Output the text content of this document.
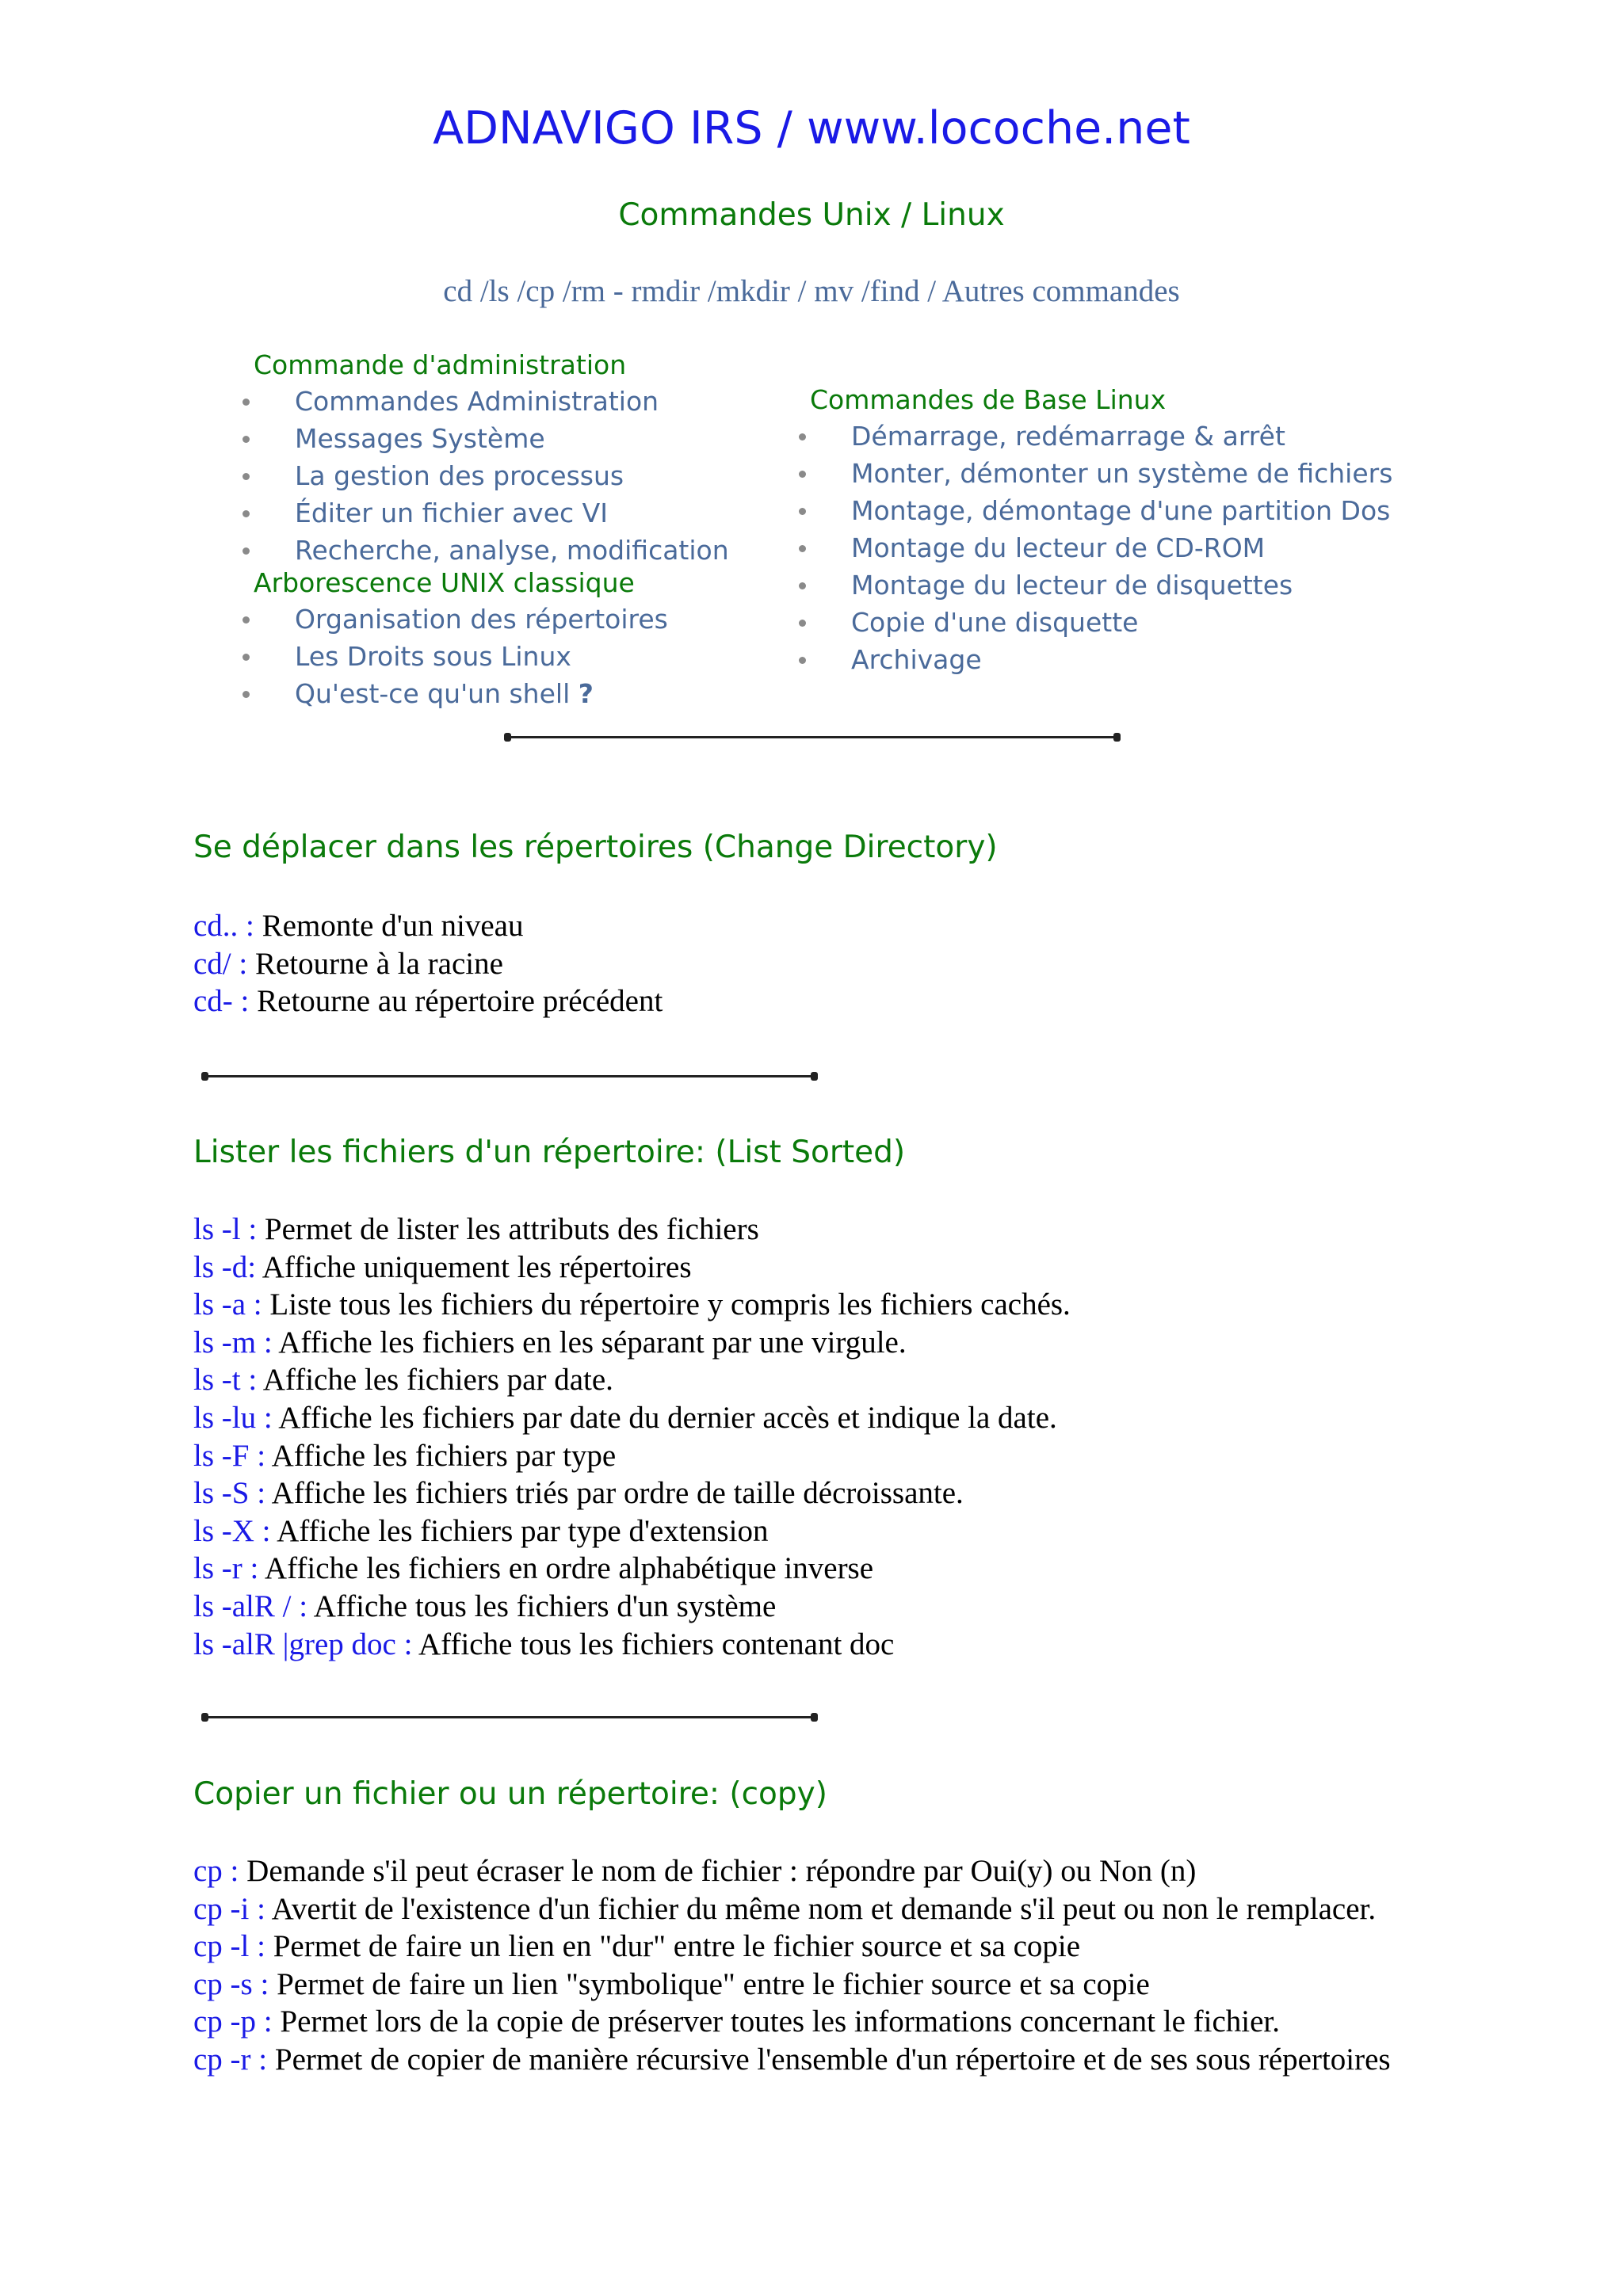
ADNAVIGO IRS / www.locoche.net
Commandes Unix / Linux
cd /ls /cp /rm - rmdir /mkdir / mv /find / Autres commandes
Commande d'administration
Commandes Administration
Messages Système
La gestion des processus
Éditer un fichier avec VI
Recherche, analyse, modification
Arborescence UNIX classique
Organisation des répertoires
Les Droits sous Linux
Qu'est-ce qu'un shell ?
Commandes de Base Linux
Démarrage, redémarrage & arrêt
Monter, démonter un système de fichiers
Montage, démontage d'une partition Dos
Montage du lecteur de CD-ROM
Montage du lecteur de disquettes
Copie d'une disquette
Archivage
Se déplacer dans les répertoires (Change Directory)
cd.. : Remonte d'un niveau
cd/ : Retourne à la racine
cd- : Retourne au répertoire précédent
Lister les fichiers d'un répertoire: (List Sorted)
ls -l : Permet de lister les attributs des fichiers
ls -d: Affiche uniquement les répertoires
ls -a : Liste tous les fichiers du répertoire y compris les fichiers cachés.
ls -m : Affiche les fichiers en les séparant par une virgule.
ls -t : Affiche les fichiers par date.
ls -lu : Affiche les fichiers par date du dernier accès et indique la date.
ls -F : Affiche les fichiers par type
ls -S : Affiche les fichiers triés par ordre de taille décroissante.
ls -X : Affiche les fichiers par type d'extension
ls -r : Affiche les fichiers en ordre alphabétique inverse
ls -alR / : Affiche tous les fichiers d'un système
ls -alR |grep doc : Affiche tous les fichiers contenant doc
Copier un fichier ou un répertoire: (copy)
cp : Demande s'il peut écraser le nom de fichier : répondre par Oui(y) ou Non (n)
cp -i : Avertit de l'existence d'un fichier du même nom et demande s'il peut ou non le remplacer.
cp -l : Permet de faire un lien en "dur" entre le fichier source et sa copie
cp -s : Permet de faire un lien "symbolique" entre le fichier source et sa copie
cp -p : Permet lors de la copie de préserver toutes les informations concernant le fichier.
cp -r : Permet de copier de manière récursive l'ensemble d'un répertoire et de ses sous répertoires
